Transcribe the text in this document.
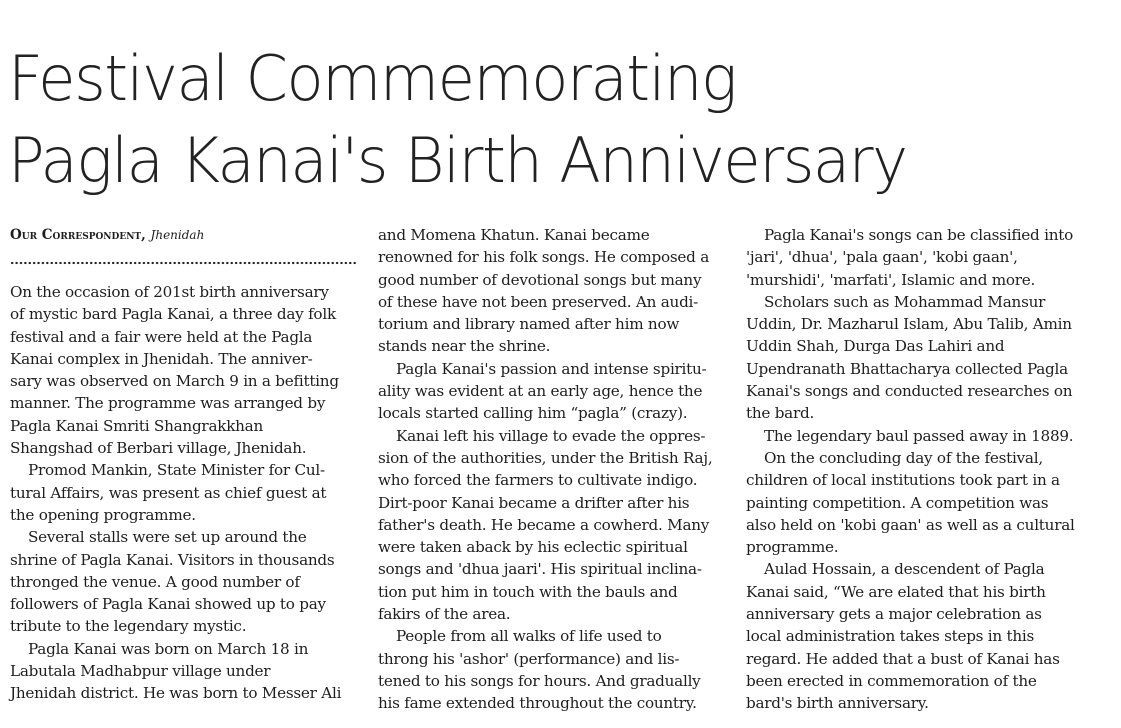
Festival Commemorating
Pagla Kanai's Birth Anniversary
Our Correspondent, Jhenidah
On the occasion of 201st birth anniversary
of mystic bard Pagla Kanai, a three day folk
festival and a fair were held at the Pagla
Kanai complex in Jhenidah. The anniver-
sary was observed on March 9 in a befitting
manner. The programme was arranged by
Pagla Kanai Smriti Shangrakkhan
Shangshad of Berbari village, Jhenidah.
Promod Mankin, State Minister for Cul-
tural Affairs, was present as chief guest at
the opening programme.
Several stalls were set up around the
shrine of Pagla Kanai. Visitors in thousands
thronged the venue. A good number of
followers of Pagla Kanai showed up to pay
tribute to the legendary mystic.
Pagla Kanai was born on March 18 in
Labutala Madhabpur village under
Jhenidah district. He was born to Messer Ali
and Momena Khatun. Kanai became
renowned for his folk songs. He composed a
good number of devotional songs but many
of these have not been preserved. An audi-
torium and library named after him now
stands near the shrine.
Pagla Kanai's passion and intense spiritu-
ality was evident at an early age, hence the
locals started calling him “pagla” (crazy).
Kanai left his village to evade the oppres-
sion of the authorities, under the British Raj,
who forced the farmers to cultivate indigo.
Dirt-poor Kanai became a drifter after his
father's death. He became a cowherd. Many
were taken aback by his eclectic spiritual
songs and 'dhua jaari'. His spiritual inclina-
tion put him in touch with the bauls and
fakirs of the area.
People from all walks of life used to
throng his 'ashor' (performance) and lis-
tened to his songs for hours. And gradually
his fame extended throughout the country.
Pagla Kanai's songs can be classified into
'jari', 'dhua', 'pala gaan', 'kobi gaan',
'murshidi', 'marfati', Islamic and more.
Scholars such as Mohammad Mansur
Uddin, Dr. Mazharul Islam, Abu Talib, Amin
Uddin Shah, Durga Das Lahiri and
Upendranath Bhattacharya collected Pagla
Kanai's songs and conducted researches on
the bard.
The legendary baul passed away in 1889.
On the concluding day of the festival,
children of local institutions took part in a
painting competition. A competition was
also held on 'kobi gaan' as well as a cultural
programme.
Aulad Hossain, a descendent of Pagla
Kanai said, “We are elated that his birth
anniversary gets a major celebration as
local administration takes steps in this
regard. He added that a bust of Kanai has
been erected in commemoration of the
bard's birth anniversary.
